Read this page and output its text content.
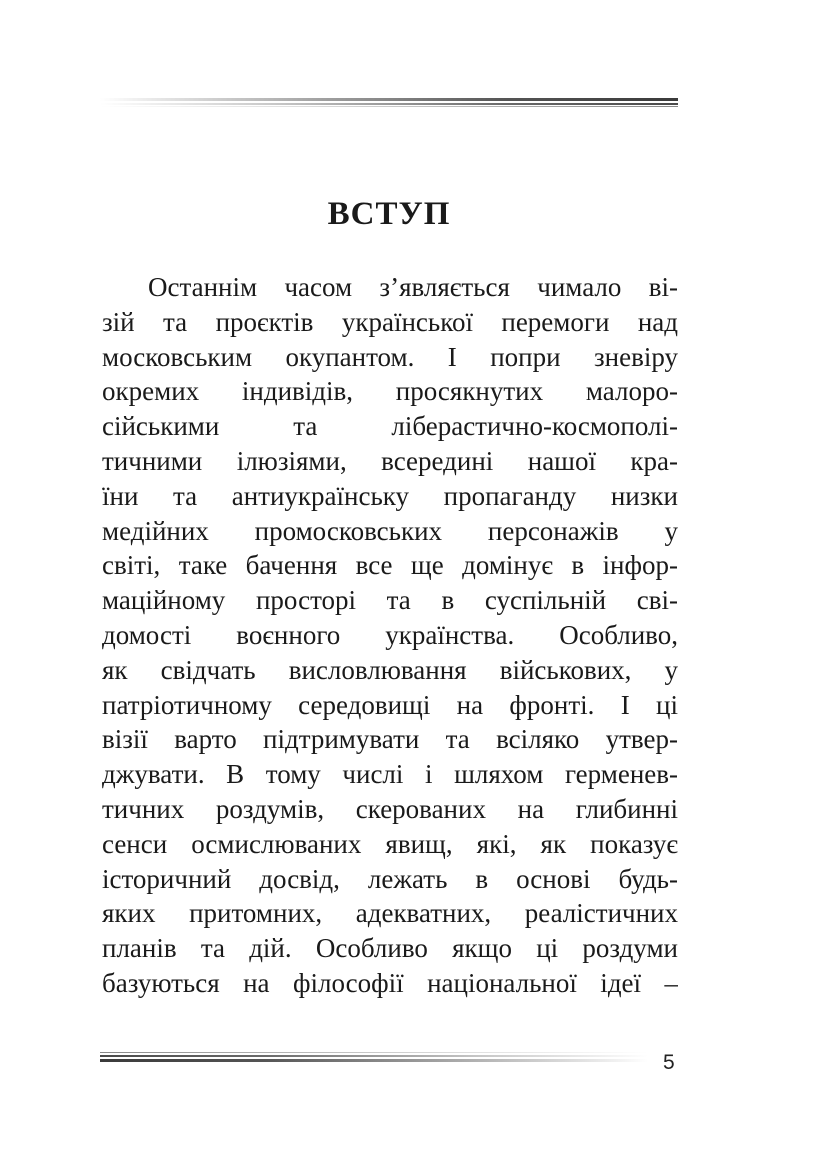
ВСТУП
Останнім часом з’являється чимало ві-
зій та проєктів української перемоги над
московським окупантом. І попри зневіру
окремих індивідів, просякнутих малоро-
сійськими та ліберастично-космополі-
тичними ілюзіями, всередині нашої кра-
їни та антиукраїнську пропаганду низки
медійних промосковських персонажів у
світі, таке бачення все ще домінує в інфор-
маційному просторі та в суспільній сві-
домості воєнного українства. Особливо,
як свідчать висловлювання військових, у
патріотичному середовищі на фронті. І ці
візії варто підтримувати та всіляко утвер-
джувати. В тому числі і шляхом герменев-
тичних роздумів, скерованих на глибинні
сенси осмислюваних явищ, які, як показує
історичний досвід, лежать в основі будь-
яких притомних, адекватних, реалістичних
планів та дій. Особливо якщо ці роздуми
базуються на філософії національної ідеї –
5
